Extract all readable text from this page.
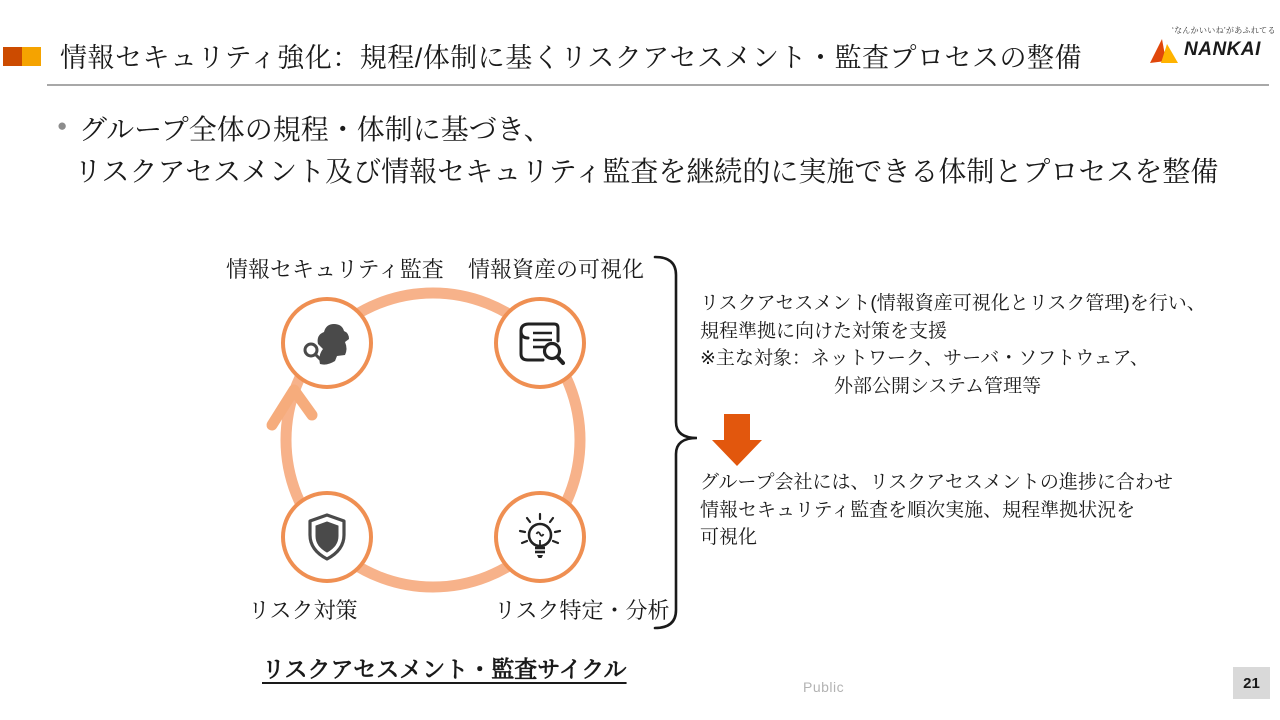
情報セキュリティ強化：規程/体制に基くリスクアセスメント・監査プロセスの整備
‘なんかいいね’があふれてる
NANKAI
● グループ全体の規程・体制に基づき、
リスクアセスメント及び情報セキュリティ監査を継続的に実施できる体制とプロセスを整備
情報セキュリティ監査 情報資産の可視化
リスク対策	リスク特定・分析
リスクアセスメント・監査サイクル
リスクアセスメント(情報資産可視化とリスク管理)を行い、
規程準拠に向けた対策を支援
※主な対象：ネットワーク、サーバ・ソフトウェア、
外部公開システム管理等
グループ会社には、リスクアセスメントの進捗に合わせ
情報セキュリティ監査を順次実施、規程準拠状況を
可視化
Public	21
